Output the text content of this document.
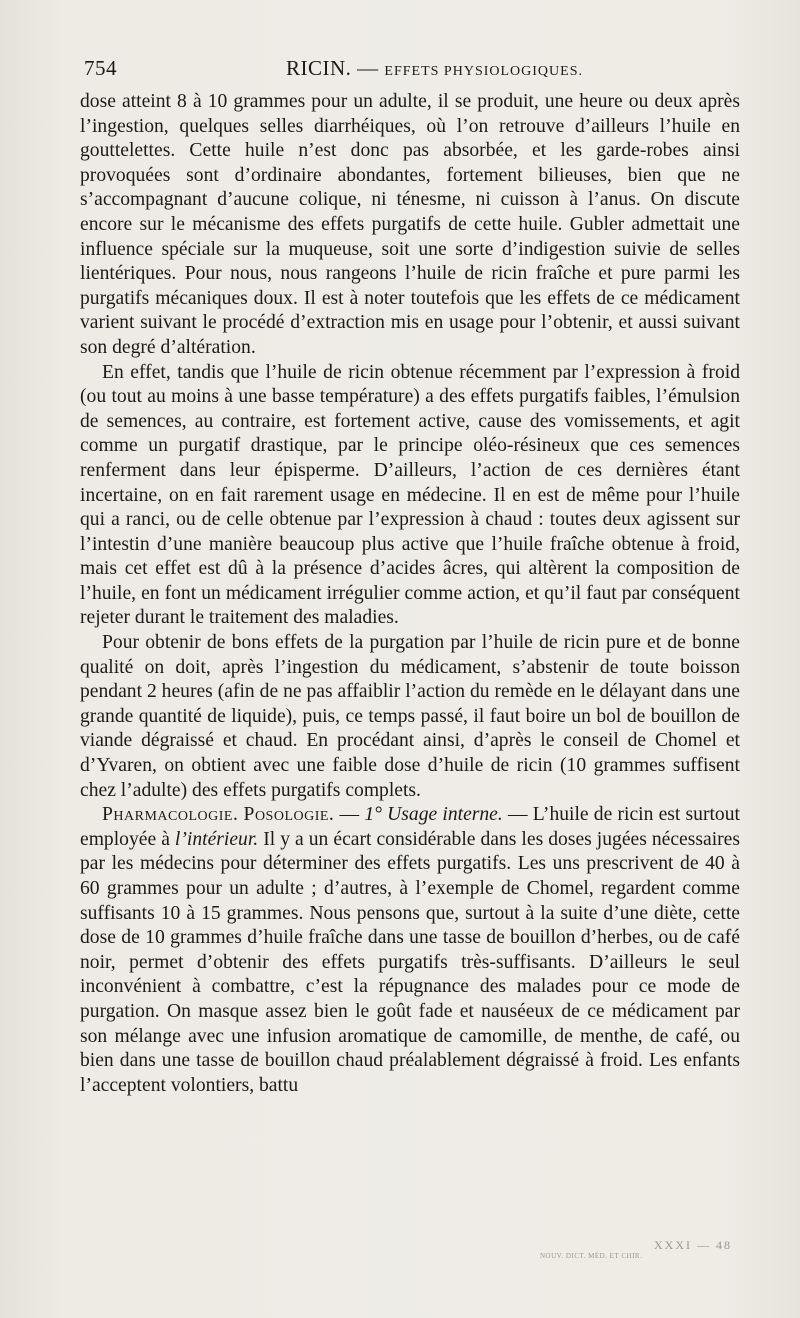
754	RICIN. — EFFETS PHYSIOLOGIQUES.

dose atteint 8 à 10 grammes pour un adulte, il se produit, une heure ou deux après l’ingestion, quelques selles diarrhéiques, où l’on retrouve d’ailleurs l’huile en gouttelettes. Cette huile n’est donc pas absorbée, et les garde-robes ainsi provoquées sont d’ordinaire abondantes, fortement bilieuses, bien que ne s’accompagnant d’aucune colique, ni ténesme, ni cuisson à l’anus. On discute encore sur le mécanisme des effets purgatifs de cette huile. Gubler admettait une influence spéciale sur la muqueuse, soit une sorte d’indigestion suivie de selles lientériques. Pour nous, nous rangeons l’huile de ricin fraîche et pure parmi les purgatifs mécaniques doux. Il est à noter toutefois que les effets de ce médicament varient suivant le procédé d’extraction mis en usage pour l’obtenir, et aussi suivant son degré d’altération.

En effet, tandis que l’huile de ricin obtenue récemment par l’expression à froid (ou tout au moins à une basse température) a des effets purgatifs faibles, l’émulsion de semences, au contraire, est fortement active, cause des vomissements, et agit comme un purgatif drastique, par le principe oléo-résineux que ces semences renferment dans leur épisperme. D’ailleurs, l’action de ces dernières étant incertaine, on en fait rarement usage en médecine. Il en est de même pour l’huile qui a ranci, ou de celle obtenue par l’expression à chaud : toutes deux agissent sur l’intestin d’une manière beaucoup plus active que l’huile fraîche obtenue à froid, mais cet effet est dû à la présence d’acides âcres, qui altèrent la composition de l’huile, en font un médicament irrégulier comme action, et qu’il faut par conséquent rejeter durant le traitement des maladies.

Pour obtenir de bons effets de la purgation par l’huile de ricin pure et de bonne qualité on doit, après l’ingestion du médicament, s’abstenir de toute boisson pendant 2 heures (afin de ne pas affaiblir l’action du remède en le délayant dans une grande quantité de liquide), puis, ce temps passé, il faut boire un bol de bouillon de viande dégraissé et chaud. En procédant ainsi, d’après le conseil de Chomel et d’Yvaren, on obtient avec une faible dose d’huile de ricin (10 grammes suffisent chez l’adulte) des effets purgatifs complets.

Pharmacologie. Posologie. — 1° Usage interne. — L’huile de ricin est surtout employée à l’intérieur. Il y a un écart considérable dans les doses jugées nécessaires par les médecins pour déterminer des effets purgatifs. Les uns prescrivent de 40 à 60 grammes pour un adulte ; d’autres, à l’exemple de Chomel, regardent comme suffisants 10 à 15 grammes. Nous pensons que, surtout à la suite d’une diète, cette dose de 10 grammes d’huile fraîche dans une tasse de bouillon d’herbes, ou de café noir, permet d’obtenir des effets purgatifs très-suffisants. D’ailleurs le seul inconvénient à combattre, c’est la répugnance des malades pour ce mode de purgation. On masque assez bien le goût fade et nauséeux de ce médicament par son mélange avec une infusion aromatique de camomille, de menthe, de café, ou bien dans une tasse de bouillon chaud préalablement dégraissé à froid. Les enfants l’acceptent volontiers, battu

XXXI — 48
NOUV. DICT. MÉD. ET CHIR.
